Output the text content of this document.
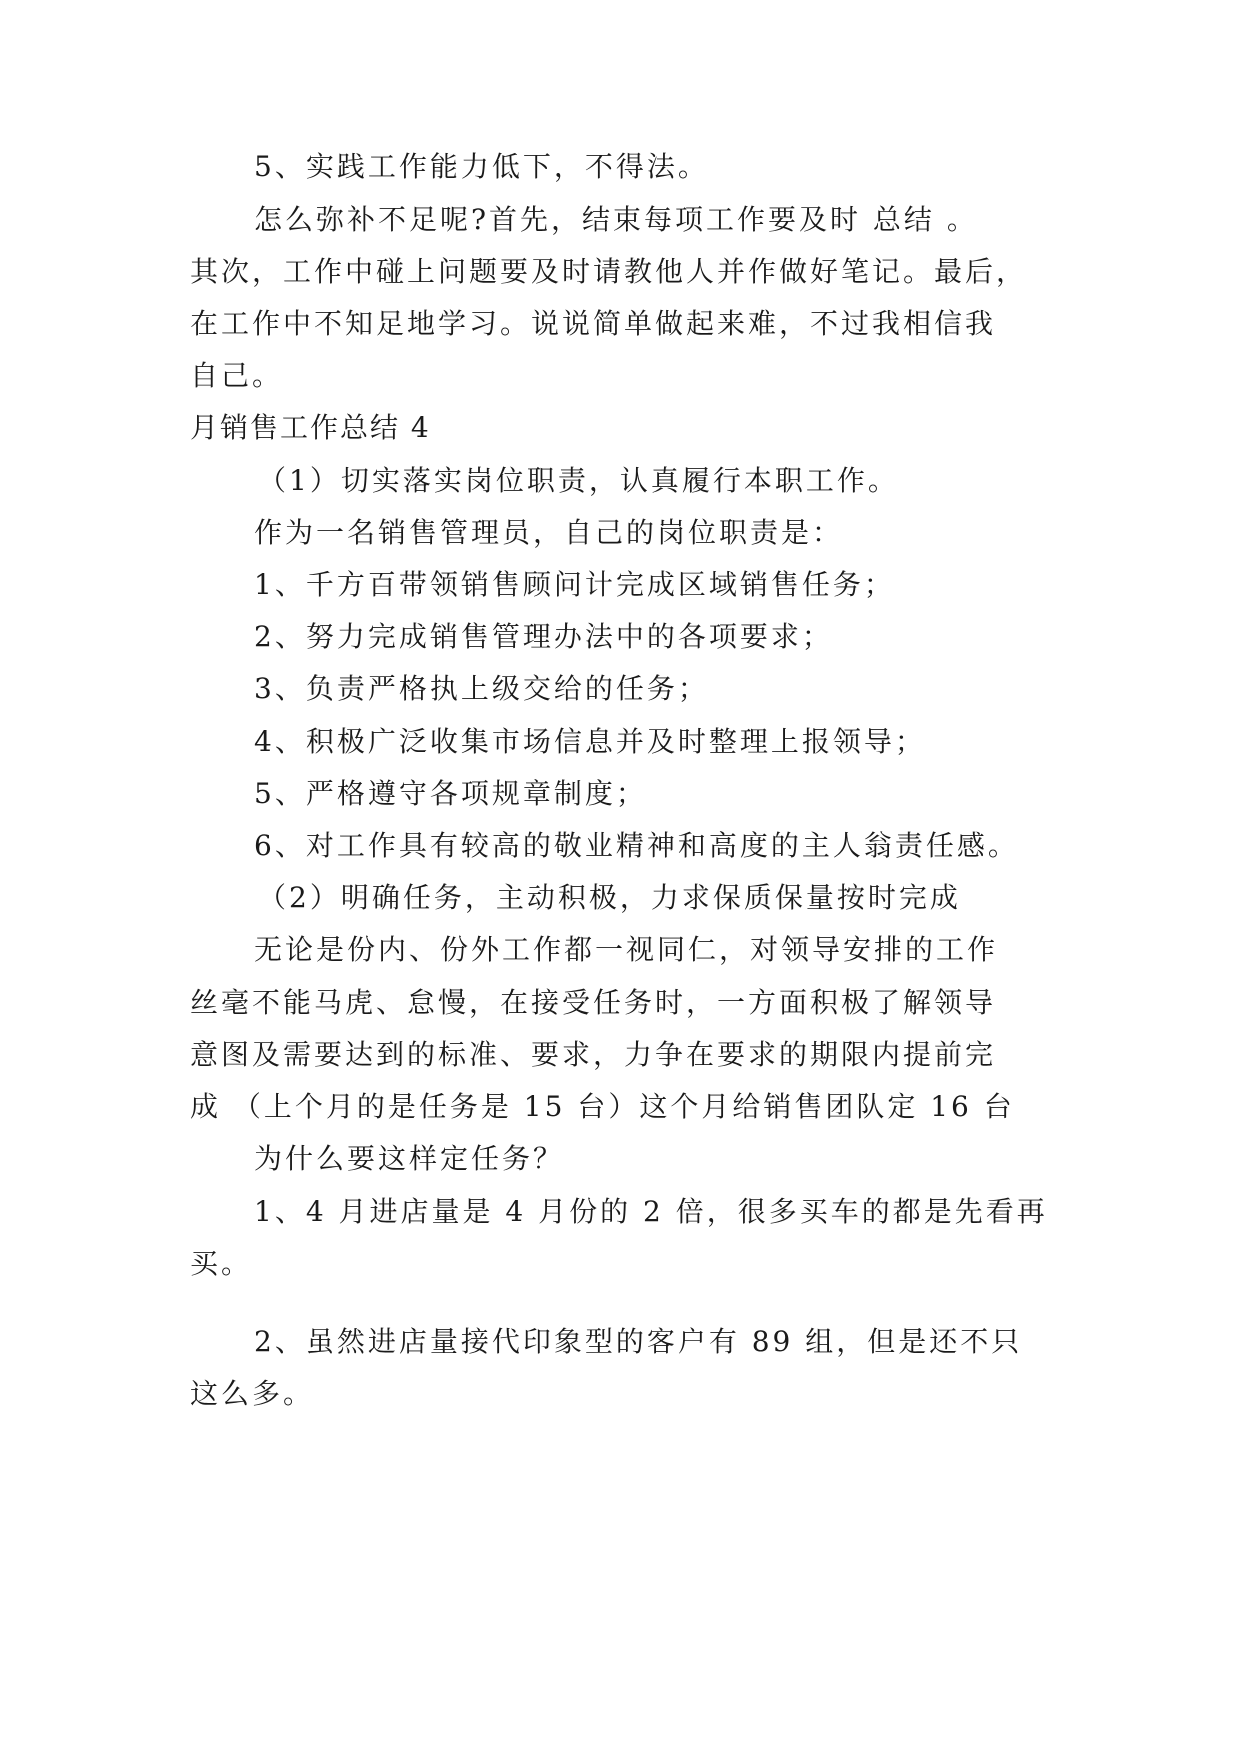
5、实践工作能力低下，不得法。
怎么弥补不足呢?首先，结束每项工作要及时 总结 。
其次，工作中碰上问题要及时请教他人并作做好笔记。最后，
在工作中不知足地学习。说说简单做起来难，不过我相信我
自己。
月销售工作总结 4
（1）切实落实岗位职责，认真履行本职工作。
作为一名销售管理员，自己的岗位职责是：
1、千方百带领销售顾问计完成区域销售任务；
2、努力完成销售管理办法中的各项要求；
3、负责严格执上级交给的任务；
4、积极广泛收集市场信息并及时整理上报领导；
5、严格遵守各项规章制度；
6、对工作具有较高的敬业精神和高度的主人翁责任感。
（2）明确任务，主动积极，力求保质保量按时完成
无论是份内、份外工作都一视同仁，对领导安排的工作
丝毫不能马虎、怠慢，在接受任务时，一方面积极了解领导
意图及需要达到的标准、要求，力争在要求的期限内提前完
成 （上个月的是任务是 15 台）这个月给销售团队定 16 台
为什么要这样定任务？
1、4 月进店量是 4 月份的 2 倍，很多买车的都是先看再
买。
2、虽然进店量接代印象型的客户有 89 组，但是还不只
这么多。
